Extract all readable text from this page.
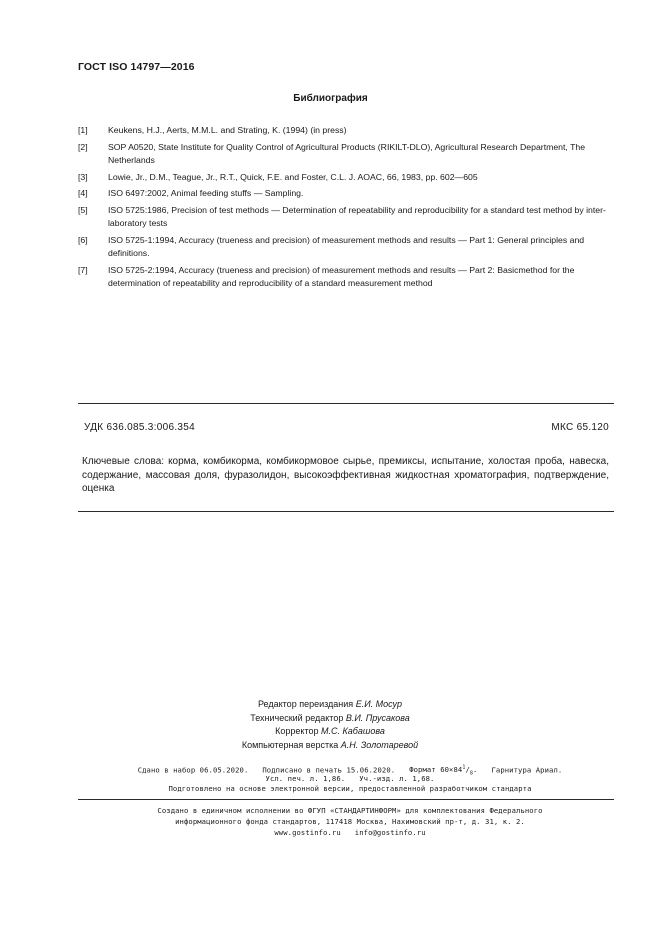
ГОСТ ISO 14797—2016
Библиография
[1]	Keukens, H.J., Aerts, M.M.L. and Strating, K. (1994) (in press)
[2]	SOP A0520, State Institute for Quality Control of Agricultural Products (RIKILT-DLO), Agricultural Research Department, The Netherlands
[3]	Lowie, Jr., D.M., Teague, Jr., R.T., Quick, F.E. and Foster, C.L. J. AOAC, 66, 1983, pp. 602—605
[4]	ISO 6497:2002, Animal feeding stuffs — Sampling.
[5]	ISO 5725:1986, Precision of test methods — Determination of repeatability and reproducibility for a standard test method by inter-laboratory tests
[6]	ISO 5725-1:1994, Accuracy (trueness and precision) of measurement methods and results — Part 1: General principles and definitions.
[7]	ISO 5725-2:1994, Accuracy (trueness and precision) of measurement methods and results — Part 2: Basicmethod for the determination of repeatability and reproducibility of a standard measurement method
УДК 636.085.3:006.354	МКС 65.120
Ключевые слова: корма, комбикорма, комбикормовое сырье, премиксы, испытание, холостая проба, навеска, содержание, массовая доля, фуразолидон, высокоэффективная жидкостная хроматография, подтверждение, оценка
Редактор переиздания Е.И. Мосур
Технический редактор В.И. Прусакова
Корректор М.С. Кабашова
Компьютерная верстка А.Н. Золотаревой
Сдано в набор 06.05.2020. Подписано в печать 15.06.2020. Формат $60\times 84^1/_8$. Гарнитура Ариал.
Усл. печ. л. 1,86. Уч.-изд. л. 1,68.
Подготовлено на основе электронной версии, предоставленной разработчиком стандарта
Создано в единичном исполнении во ФГУП «СТАНДАРТИНФОРМ» для комплектования Федерального
информационного фонда стандартов, 117418 Москва, Нахимовский пр-т, д. 31, к. 2.
www.gostinfo.ru info@gostinfo.ru
